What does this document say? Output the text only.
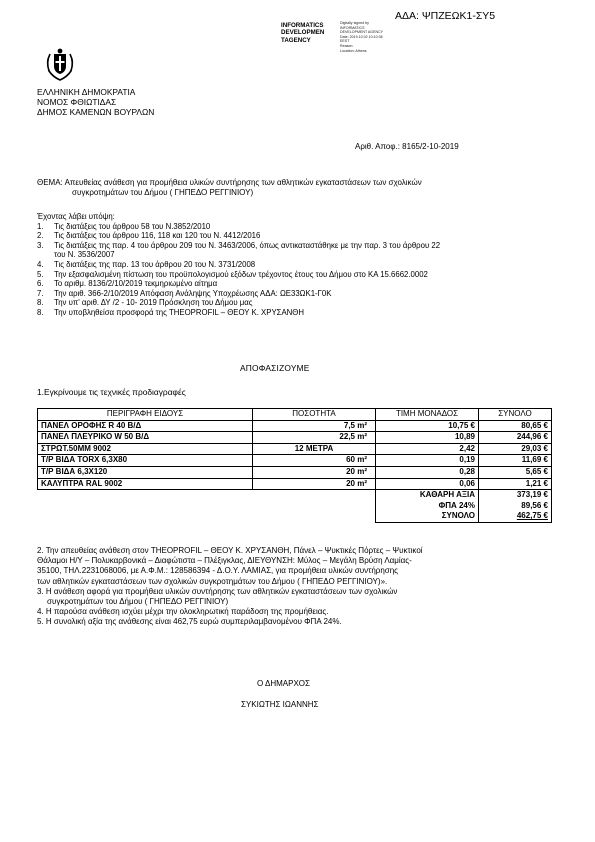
ΑΔΑ: ΨΠΖΕΩΚ1-ΣΥ5
INFORMATICS
DEVELOPMEN
TAGENCY
Digitally signed by
INFORMATICS
DEVELOPMENT AGENCY
Date: 2019.10.02 10:10:36
EEST
Reason:
Location: Athens
ΕΛΛΗΝΙΚΗ ΔΗΜΟΚΡΑΤΙΑ
ΝΟΜΟΣ ΦΘΙΩΤΙΔΑΣ
ΔΗΜΟΣ ΚΑΜΕΝΩΝ ΒΟΥΡΛΩΝ
Αριθ. Αποφ.: 8165/2-10-2019
ΘΕΜΑ: Απευθείας ανάθεση για προμήθεια υλικών συντήρησης των αθλητικών εγκαταστάσεων των σχολικών
συγκροτημάτων του Δήμου ( ΓΗΠΕΔΟ ΡΕΓΓΙΝΙΟΥ)
Έχοντας λάβει υπόψη:
1. Τις διατάξεις του άρθρου 58 του Ν.3852/2010
2. Τις διατάξεις του άρθρου 116, 118 και 120 του Ν. 4412/2016
3. Τις διατάξεις της παρ. 4 του άρθρου 209 του Ν. 3463/2006, όπως αντικαταστάθηκε με την παρ. 3 του άρθρου 22
του Ν. 3536/2007
4. Τις διατάξεις της παρ. 13 του άρθρου 20 του Ν. 3731/2008
5. Την εξασφαλισμένη πίστωση του προϋπολογισμού εξόδων τρέχοντος έτους του Δήμου στο ΚΑ 15.6662.0002
6. Το αριθμ. 8136/2/10/2019 τεκμηριωμένο αίτημα
7. Την αριθ. 366-2/10/2019 Απόφαση Ανάληψης Υποχρέωσης ΑΔΑ: ΩΕ33ΩΚ1-Γ0Κ
8. Την υπ' αριθ. ΔΥ /2 - 10- 2019 Πρόσκληση του Δήμου μας
8. Την υποβληθείσα προσφορά της THEOPROFIL – ΘΕΟΥ Κ. ΧΡΥΣΑΝΘΗ
ΑΠΟΦΑΣΙΖΟΥΜΕ
1.Εγκρίνουμε τις τεχνικές προδιαγραφές
ΠΕΡΙΓΡΑΦΗ ΕΙΔΟΥΣ	ΠΟΣΟΤΗΤΑ	ΤΙΜΗ ΜΟΝΑΔΟΣ	ΣΥΝΟΛΟ
ΠΑΝΕΛ ΟΡΟΦΗΣ R 40 Β/Δ	7,5 m²	10,75 €	80,65 €
ΠΑΝΕΛ ΠΛΕΥΡΙΚΟ W 50 Β/Δ	22,5 m²	10,89	244,96 €
ΣΤΡΩΤ.50ΜΜ 9002	12 ΜΕΤΡΑ	2,42	29,03 €
Τ/Ρ ΒΙΔΑ TORX 6,3Χ80	60 m²	0,19	11,69 €
Τ/Ρ ΒΙΔΑ 6,3Χ120	20 m²	0,28	5,65 €
ΚΑΛΥΠΤΡΑ RAL 9002	20 m²	0,06	1,21 €
		ΚΑΘΑΡΗ ΑΞΙΑ	373,19 €
		ΦΠΑ 24%	89,56 €
		ΣΥΝΟΛΟ	462,75 €

2. Την απευθείας ανάθεση στον THEOPROFIL – ΘΕΟΥ Κ. ΧΡΥΣΑΝΘΗ, Πάνελ – Ψυκτικές Πόρτες – Ψυκτικοί
Θάλαμοι Η/Υ – Πολυκαρβονικά – Διαφώτιστα – Πλέξιγκλας, ΔΙΕΥΘΥΝΣΗ: Μύλος – Μεγάλη Βρύση Λαμίας-
35100, ΤΗΛ.2231068006, με Α.Φ.Μ.: 128586394 - Δ.Ο.Υ. ΛΑΜΙΑΣ, για προμήθεια υλικών συντήρησης
των αθλητικών εγκαταστάσεων των σχολικών συγκροτημάτων του Δήμου ( ΓΗΠΕΔΟ ΡΕΓΓΙΝΙΟΥ)».

3. Η ανάθεση αφορά για προμήθεια υλικών συντήρησης των αθλητικών εγκαταστάσεων των σχολικών
συγκροτημάτων του Δήμου ( ΓΗΠΕΔΟ ΡΕΓΓΙΝΙΟΥ)

4. Η παρούσα ανάθεση ισχύει μέχρι την ολοκληρωτική παράδοση της προμήθειας.

5. Η συνολική αξία της ανάθεσης είναι 462,75 ευρώ συμπεριλαμβανομένου ΦΠΑ 24%.

Ο ΔΗΜΑΡΧΟΣ
ΣΥΚΙΩΤΗΣ ΙΩΑΝΝΗΣ
